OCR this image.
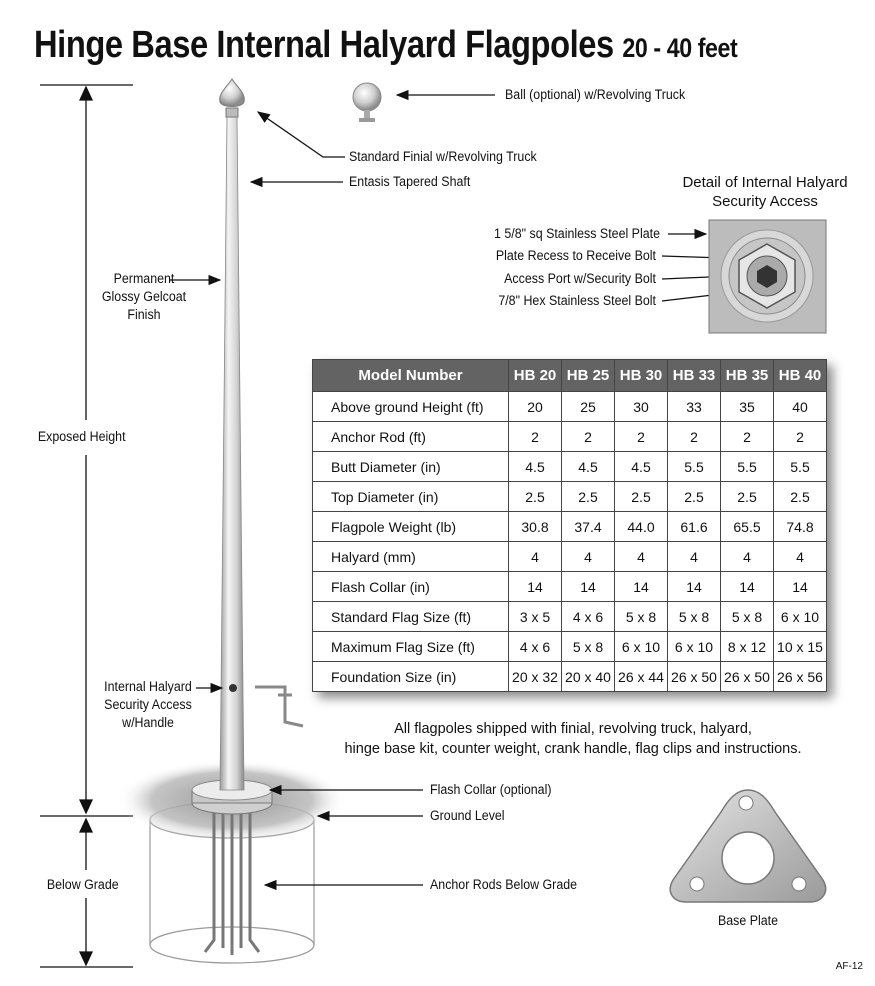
Hinge Base Internal Halyard Flagpoles 20 - 40 feet
Ball (optional) w/Revolving Truck
Standard Finial w/Revolving Truck
Entasis Tapered Shaft
Permanent
Glossy Gelcoat
Finish
Exposed Height
Internal Halyard
Security Access
w/Handle
Flash Collar (optional)
Ground Level
Below Grade	Anchor Rods Below Grade
Base Plate
Detail of Internal Halyard
Security Access
1 5/8" sq Stainless Steel Plate
Plate Recess to Receive Bolt
Access Port w/Security Bolt
7/8" Hex Stainless Steel Bolt
Model Number	HB 20	HB 25	HB 30	HB 33	HB 35	HB 40
Above ground Height (ft)	20	25	30	33	35	40
Anchor Rod (ft)	2	2	2	2	2	2
Butt Diameter (in)	4.5	4.5	4.5	5.5	5.5	5.5
Top Diameter (in)	2.5	2.5	2.5	2.5	2.5	2.5
Flagpole Weight (lb)	30.8	37.4	44.0	61.6	65.5	74.8
Halyard (mm)	4	4	4	4	4	4
Flash Collar (in)	14	14	14	14	14	14
Standard Flag Size (ft)	3 x 5	4 x 6	5 x 8	5 x 8	5 x 8	6 x 10
Maximum Flag Size (ft)	4 x 6	5 x 8	6 x 10	6 x 10	8 x 12	10 x 15
Foundation Size (in)	20 x 32	20 x 40	26 x 44	26 x 50	26 x 50	26 x 56
All flagpoles shipped with finial, revolving truck, halyard,
hinge base kit, counter weight, crank handle, flag clips and instructions.
AF-12
